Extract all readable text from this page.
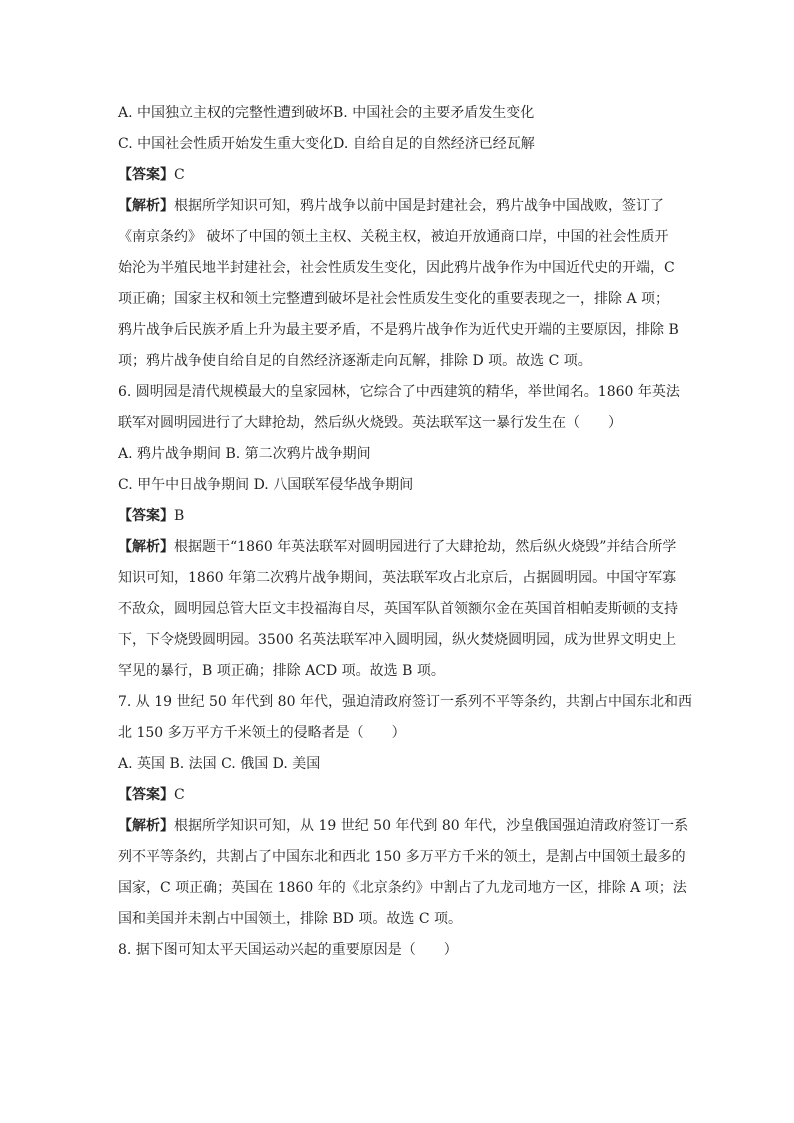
A. 中国独立主权的完整性遭到破坏B. 中国社会的主要矛盾发生变化
C. 中国社会性质开始发生重大变化D. 自给自足的自然经济已经瓦解
【答案】C
【解析】根据所学知识可知，鸦片战争以前中国是封建社会，鸦片战争中国战败，签订了
《南京条约》 破坏了中国的领土主权、关税主权，被迫开放通商口岸，中国的社会性质开
始沦为半殖民地半封建社会，社会性质发生变化，因此鸦片战争作为中国近代史的开端，C
项正确；国家主权和领土完整遭到破坏是社会性质发生变化的重要表现之一，排除 A 项；
鸦片战争后民族矛盾上升为最主要矛盾，不是鸦片战争作为近代史开端的主要原因，排除 B
项；鸦片战争使自给自足的自然经济逐渐走向瓦解，排除 D 项。故选 C 项。
6. 圆明园是清代规模最大的皇家园林，它综合了中西建筑的精华，举世闻名。1860 年英法
联军对圆明园进行了大肆抢劫，然后纵火烧毁。英法联军这一暴行发生在（　　）
A. 鸦片战争期间 B. 第二次鸦片战争期间
C. 甲午中日战争期间 D. 八国联军侵华战争期间
【答案】B
【解析】根据题干“1860 年英法联军对圆明园进行了大肆抢劫，然后纵火烧毁”并结合所学
知识可知，1860 年第二次鸦片战争期间，英法联军攻占北京后，占据圆明园。中国守军寡
不敌众，圆明园总管大臣文丰投福海自尽，英国军队首领额尔金在英国首相帕麦斯顿的支持
下，下令烧毁圆明园。3500 名英法联军冲入圆明园，纵火焚烧圆明园，成为世界文明史上
罕见的暴行，B 项正确；排除 ACD 项。故选 B 项。
7. 从 19 世纪 50 年代到 80 年代，强迫清政府签订一系列不平等条约，共割占中国东北和西
北 150 多万平方千米领土的侵略者是（　　）
A. 英国 B. 法国 C. 俄国 D. 美国
【答案】C
【解析】根据所学知识可知，从 19 世纪 50 年代到 80 年代，沙皇俄国强迫清政府签订一系
列不平等条约，共割占了中国东北和西北 150 多万平方千米的领土，是割占中国领土最多的
国家，C 项正确；英国在 1860 年的《北京条约》中割占了九龙司地方一区，排除 A 项；法
国和美国并未割占中国领土，排除 BD 项。故选 C 项。
8. 据下图可知太平天国运动兴起的重要原因是（　　）
